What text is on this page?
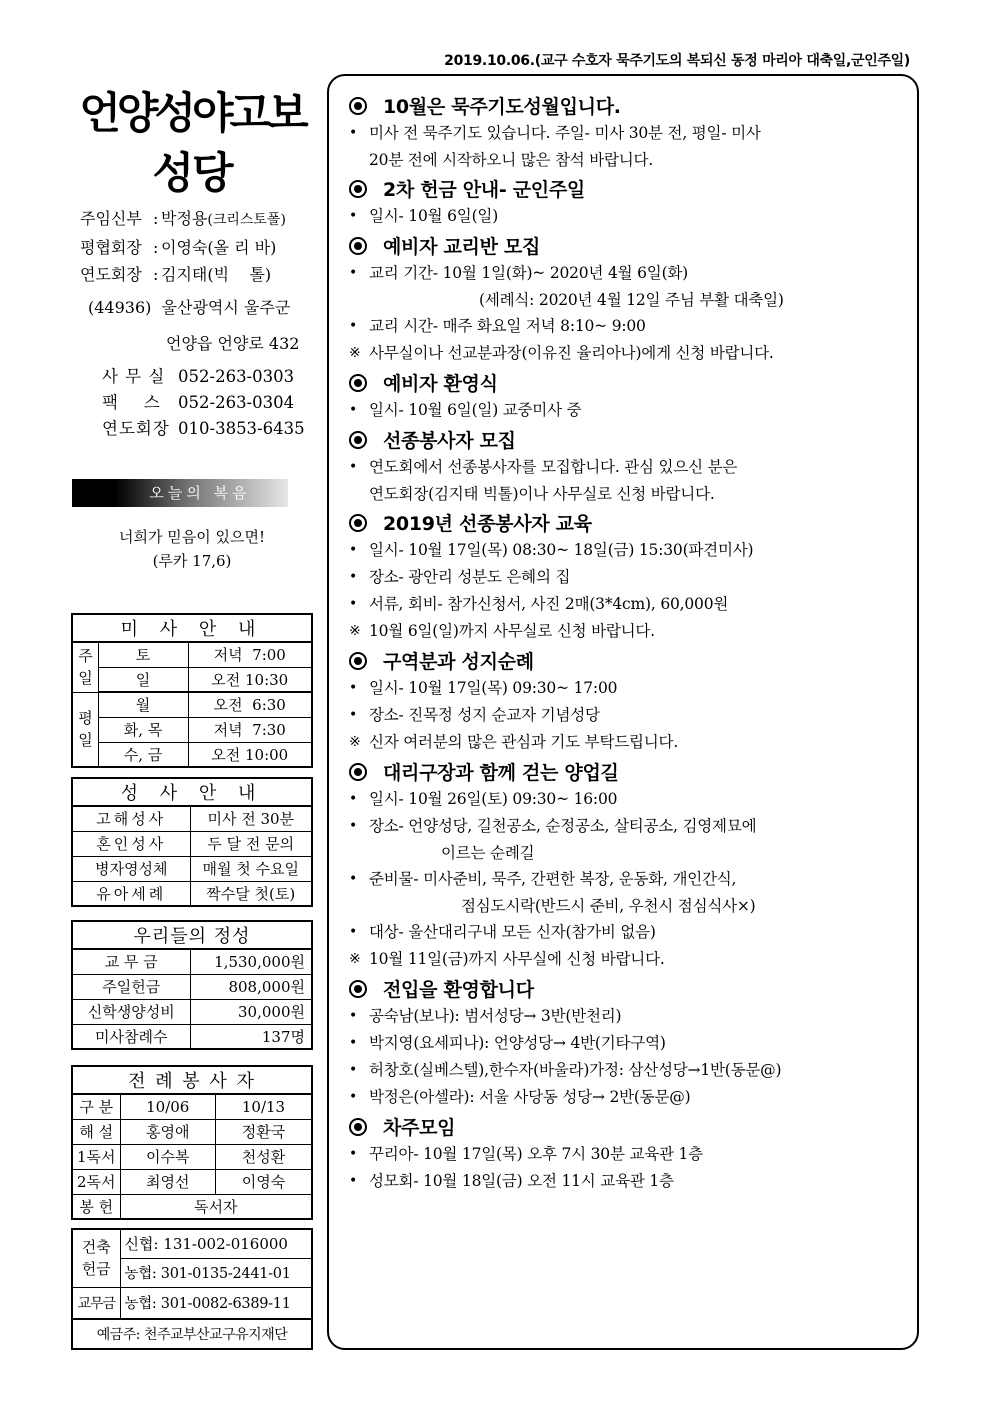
2019.10.06.(교구 수호자 묵주기도의 복되신 동정 마리아 대축일,군인주일)
언양성야고보
성당
주임신부 : 박정용(크리스토폴)
평협회장 : 이영숙(올 리 바)
연도회장 : 김지태(빅    톨)
(44936)  울산광역시 울주군
언양읍 언양로 432
사 무 실 052-263-0303
팩    스	052-263-0304
연도회장 010-3853-6435
오늘의 복음
너희가 믿음이 있으면!
(루카 17,6)
미 사 안 내		
주일	토	저녁  7:00
	일	오전 10:30
평일	월	오전  6:30
	화, 목	저녁  7:30
	수, 금	오전 10:00
성 사 안 내	
고해성사	미사 전 30분
혼인성사	두 달 전 문의
병자영성체	매월 첫 수요일
유아세례	짝수달 첫(토)
우리들의 정성	
교 무 금	1,530,000원
주일헌금	808,000원
신학생양성비	30,000원
미사참례수	137명
전 례 봉 사 자		
구 분	10/06	10/13
해 설	홍영애	정환국
1독서	이수복	천성환
2독서	최영선	이영숙
봉 헌	독서자	
건축헌금	신협: 131-002-016000
	농협: 301-0135-2441-01
교무금	농협: 301-0082-6389-11
예금주: 천주교부산교구유지재단	
10월은 묵주기도성월입니다.
• 미사 전 묵주기도 있습니다. 주일- 미사 30분 전, 평일- 미사
20분 전에 시작하오니 많은 참석 바랍니다.
2차 헌금 안내- 군인주일
• 일시- 10월 6일(일)
예비자 교리반 모집
• 교리 기간- 10월 1일(화)~ 2020년 4월 6일(화)
(세례식: 2020년 4월 12일 주님 부활 대축일)
• 교리 시간- 매주 화요일 저녁 8:10~ 9:00
※ 사무실이나 선교분과장(이유진 율리아나)에게 신청 바랍니다.
예비자 환영식
• 일시- 10월 6일(일) 교중미사 중
선종봉사자 모집
• 연도회에서 선종봉사자를 모집합니다. 관심 있으신 분은
연도회장(김지태 빅톨)이나 사무실로 신청 바랍니다.
2019년 선종봉사자 교육
• 일시- 10월 17일(목) 08:30~ 18일(금) 15:30(파견미사)
• 장소- 광안리 성분도 은혜의 집
• 서류, 회비- 참가신청서, 사진 2매(3*4cm), 60,000원
※ 10월 6일(일)까지 사무실로 신청 바랍니다.
구역분과 성지순례
• 일시- 10월 17일(목) 09:30~ 17:00
• 장소- 진목정 성지 순교자 기념성당
※ 신자 여러분의 많은 관심과 기도 부탁드립니다.
대리구장과 함께 걷는 양업길
• 일시- 10월 26일(토) 09:30~ 16:00
• 장소- 언양성당, 길천공소, 순정공소, 살티공소, 김영제묘에
이르는 순례길
• 준비물- 미사준비, 묵주, 간편한 복장, 운동화, 개인간식,
점심도시락(반드시 준비, 우천시 점심식사×)
• 대상- 울산대리구내 모든 신자(참가비 없음)
※ 10월 11일(금)까지 사무실에 신청 바랍니다.
전입을 환영합니다
• 공숙남(보나): 범서성당→ 3반(반천리)
• 박지영(요세피나): 언양성당→ 4반(기타구역)
• 허창호(실베스텔),한수자(바울라)가정: 삼산성당→1반(동문@)
• 박정은(아셀라): 서울 사당동 성당→ 2반(동문@)
차주모임
• 꾸리아- 10월 17일(목) 오후 7시 30분 교육관 1층
• 성모회- 10월 18일(금) 오전 11시 교육관 1층
